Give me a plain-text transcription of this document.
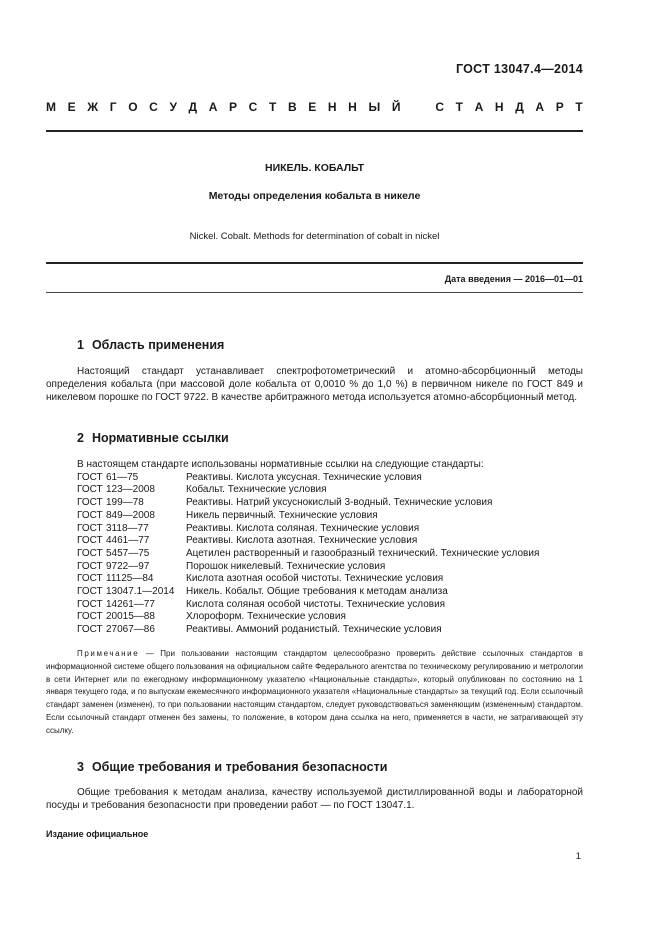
ГОСТ 13047.4—2014
М Е Ж Г О С У Д А Р С Т В Е Н Н Ы Й	С Т А Н Д А Р Т
НИКЕЛЬ. КОБАЛЬТ
Методы определения кобальта в никеле
Nickel. Cobalt. Methods for determination of cobalt in nickel
Дата введения — 2016—01—01
1 Область применения
Настоящий стандарт устанавливает спектрофотометрический и атомно-абсорбционный методы определения кобальта (при массовой доле кобальта от 0,0010 % до 1,0 %) в первичном никеле по ГОСТ 849 и никелевом порошке по ГОСТ 9722. В качестве арбитражного метода используется атомно-абсорбционный метод.
2 Нормативные ссылки
В настоящем стандарте использованы нормативные ссылки на следующие стандарты:
ГОСТ 61—75	Реактивы. Кислота уксусная. Технические условия
ГОСТ 123—2008	Кобальт. Технические условия
ГОСТ 199—78	Реактивы. Натрий уксуснокислый 3-водный. Технические условия
ГОСТ 849—2008	Никель первичный. Технические условия
ГОСТ 3118—77	Реактивы. Кислота соляная. Технические условия
ГОСТ 4461—77	Реактивы. Кислота азотная. Технические условия
ГОСТ 5457—75	Ацетилен растворенный и газообразный технический. Технические условия
ГОСТ 9722—97	Порошок никелевый. Технические условия
ГОСТ 11125—84	Кислота азотная особой чистоты. Технические условия
ГОСТ 13047.1—2014	Никель. Кобальт. Общие требования к методам анализа
ГОСТ 14261—77	Кислота соляная особой чистоты. Технические условия
ГОСТ 20015—88	Хлороформ. Технические условия
ГОСТ 27067—86	Реактивы. Аммоний роданистый. Технические условия
Примечание — При пользовании настоящим стандартом целесообразно проверить действие ссылочных стандартов в информационной системе общего пользования на официальном сайте Федерального агентства по техническому регулированию и метрологии в сети Интернет или по ежегодному информационному указателю «Национальные стандарты», который опубликован по состоянию на 1 января текущего года, и по выпускам ежемесячного информационного указателя «Национальные стандарты» за текущий год. Если ссылочный стандарт заменен (изменен), то при пользовании настоящим стандартом, следует руководствоваться заменяющим (измененным) стандартом. Если ссылочный стандарт отменен без замены, то положение, в котором дана ссылка на него, применяется в части, не затрагивающей эту ссылку.
3 Общие требования и требования безопасности
Общие требования к методам анализа, качеству используемой дистиллированной воды и лабораторной посуды и требования безопасности при проведении работ — по ГОСТ 13047.1.
Издание официальное
1
